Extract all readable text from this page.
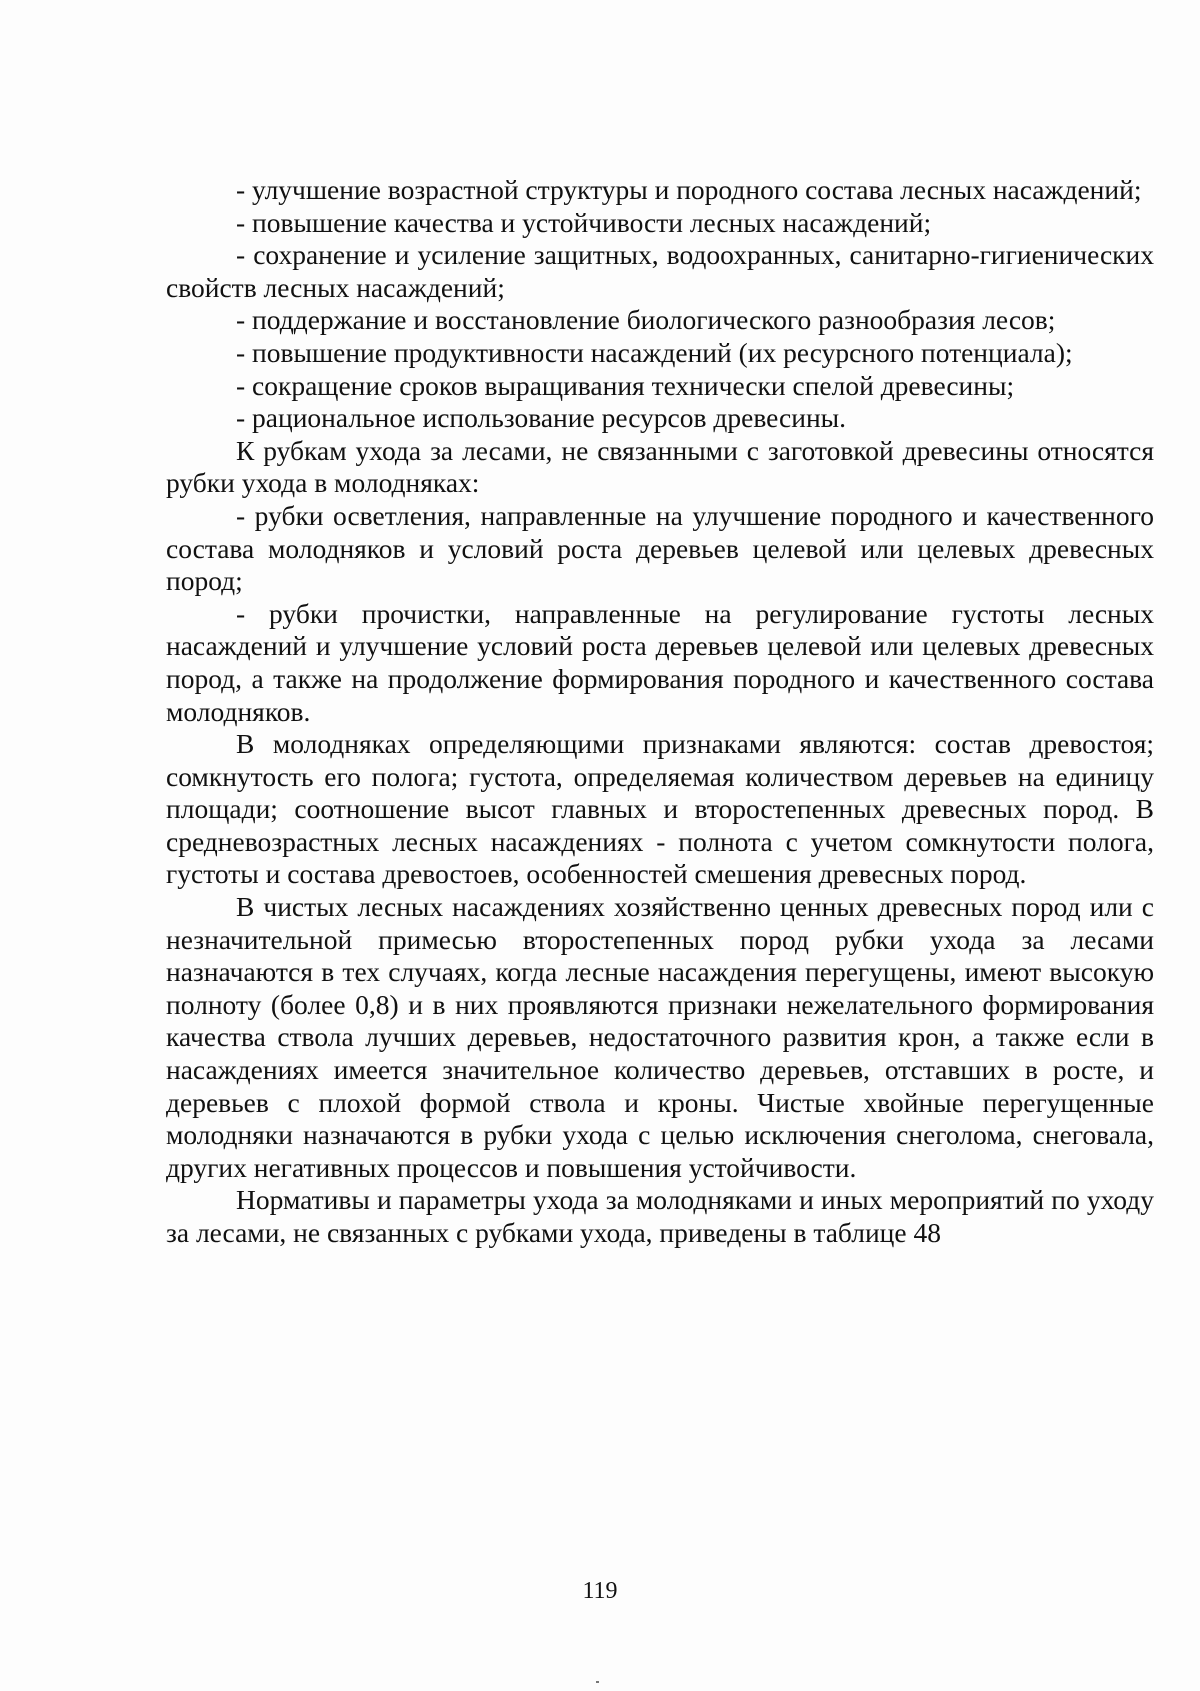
- улучшение возрастной структуры и породного состава лесных насаждений;

- повышение качества и устойчивости лесных насаждений;

- сохранение и усиление защитных, водоохранных, санитарно-гигиенических свойств лесных насаждений;

- поддержание и восстановление биологического разнообразия лесов;

- повышение продуктивности насаждений (их ресурсного потенциала);

- сокращение сроков выращивания технически спелой древесины;

- рациональное использование ресурсов древесины.

К рубкам ухода за лесами, не связанными с заготовкой древесины относятся рубки ухода в молодняках:

- рубки осветления, направленные на улучшение породного и качественного состава молодняков и условий роста деревьев целевой или целевых древесных пород;

- рубки прочистки, направленные на регулирование густоты лесных насаждений и улучшение условий роста деревьев целевой или целевых древесных пород, а также на продолжение формирования породного и качественного состава молодняков.

В молодняках определяющими признаками являются: состав древостоя; сомкнутость его полога; густота, определяемая количеством деревьев на единицу площади; соотношение высот главных и второстепенных древесных пород. В средневозрастных лесных насаждениях - полнота с учетом сомкнутости полога, густоты и состава древостоев, особенностей смешения древесных пород.

В чистых лесных насаждениях хозяйственно ценных древесных пород или с незначительной примесью второстепенных пород рубки ухода за лесами назначаются в тех случаях, когда лесные насаждения перегущены, имеют высокую полноту (более 0,8) и в них проявляются признаки нежелательного формирования качества ствола лучших деревьев, недостаточного развития крон, а также если в насаждениях имеется значительное количество деревьев, отставших в росте, и деревьев с плохой формой ствола и кроны. Чистые хвойные перегущенные молодняки назначаются в рубки ухода с целью исключения снеголома, снеговала, других негативных процессов и повышения устойчивости.

Нормативы и параметры ухода за молодняками и иных мероприятий по уходу за лесами, не связанных с рубками ухода, приведены в таблице 48

119
